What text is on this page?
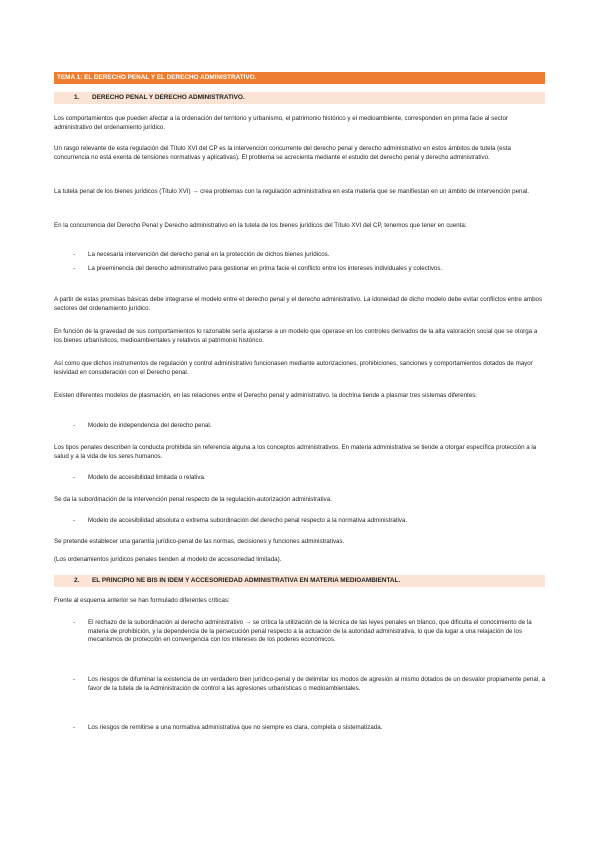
TEMA 1: EL DERECHO PENAL Y EL DERECHO ADMINISTRATIVO.
1. DERECHO PENAL Y DERECHO ADMINISTRATIVO.

Los comportamientos que pueden afectar a la ordenación del territorio y urbanismo, el patrimonio histórico y el medioambiente, corresponden en prima facie al sector administrativo del ordenamiento jurídico.

Un rasgo relevante de esta regulación del Título XVI del CP es la intervención concurrente del derecho penal y derecho administrativo en estos ámbitos de tutela (esta concurrencia no está exenta de tensiones normativas y aplicativas). El problema se acrecienta mediante el estudio del derecho penal y derecho administrativo.

La tutela penal de los bienes jurídicos (Título XVI) → crea problemas con la regulación administrativa en esta materia que se manifiestan en un ámbito de intervención penal.

En la concurrencia del Derecho Penal y Derecho administrativo en la tutela de los bienes jurídicos del Título XVI del CP, tenemos que tener en cuenta:

- La necesaria intervención del derecho penal en la protección de dichos bienes jurídicos.
- La preeminencia del derecho administrativo para gestionar en prima facie el conflicto entre los intereses individuales y colectivos.

A partir de estas premisas básicas debe integrarse el modelo entre el derecho penal y el derecho administrativo. La idoneidad de dicho modelo debe evitar conflictos entre ambos sectores del ordenamiento jurídico.

En función de la gravedad de sus comportamientos lo razonable sería ajustarse a un modelo que operase en los controles derivados de la alta valoración social que se otorga a los bienes urbanísticos, medioambientales y relativos al patrimonio histórico.

Así como que dichos instrumentos de regulación y control administrativo funcionasen mediante autorizaciones, prohibiciones, sanciones y comportamientos dotados de mayor lesividad en consideración con el Derecho penal.

Existen diferentes modelos de plasmación, en las relaciones entre el Derecho penal y administrativo. la doctrina tiende a plasmar tres sistemas diferentes:

- Modelo de independencia del derecho penal.

Los tipos penales describen la conducta prohibida sin referencia alguna a los conceptos administrativos. En materia administrativa se tiende a otorgar específica protección a la salud y a la vida de los seres humanos.

- Modelo de accesibilidad limitada o relativa.

Se da la subordinación de la intervención penal respecto de la regulación-autorización administrativa.

- Modelo de accesibilidad absoluta o extrema subordinación del derecho penal respecto a la normativa administrativa.

Se pretende establecer una garantía jurídico-penal de las normas, decisiones y funciones administrativas.

(Los ordenamientos jurídicos penales tienden al modelo de accesoriedad limitada).

2. EL PRINCIPIO NE BIS IN IDEM Y ACCESORIEDAD ADMINISTRATIVA EN MATERIA MEDIOAMBIENTAL.

Frente al esquema anterior se han formulado diferentes críticas:

- El rechazo de la subordinación al derecho administrativo → se critica la utilización de la técnica de las leyes penales en blanco, que dificulta el conocimiento de la materia de prohibición, y la dependencia de la persecución penal respecto a la actuación de la autoridad administrativa, lo que da lugar a una relajación de los mecanismos de protección en convergencia con los intereses de los poderes económicos.
- Los riesgos de difuminar la existencia de un verdadero bien jurídico-penal y de delimitar los modos de agresión al mismo dotados de un desvalor propiamente penal, a favor de la tutela de la Administración de control a las agresiones urbanísticas o medioambientales.
- Los riesgos de remitirse a una normativa administrativa que no siempre es clara, completa o sistematizada.
